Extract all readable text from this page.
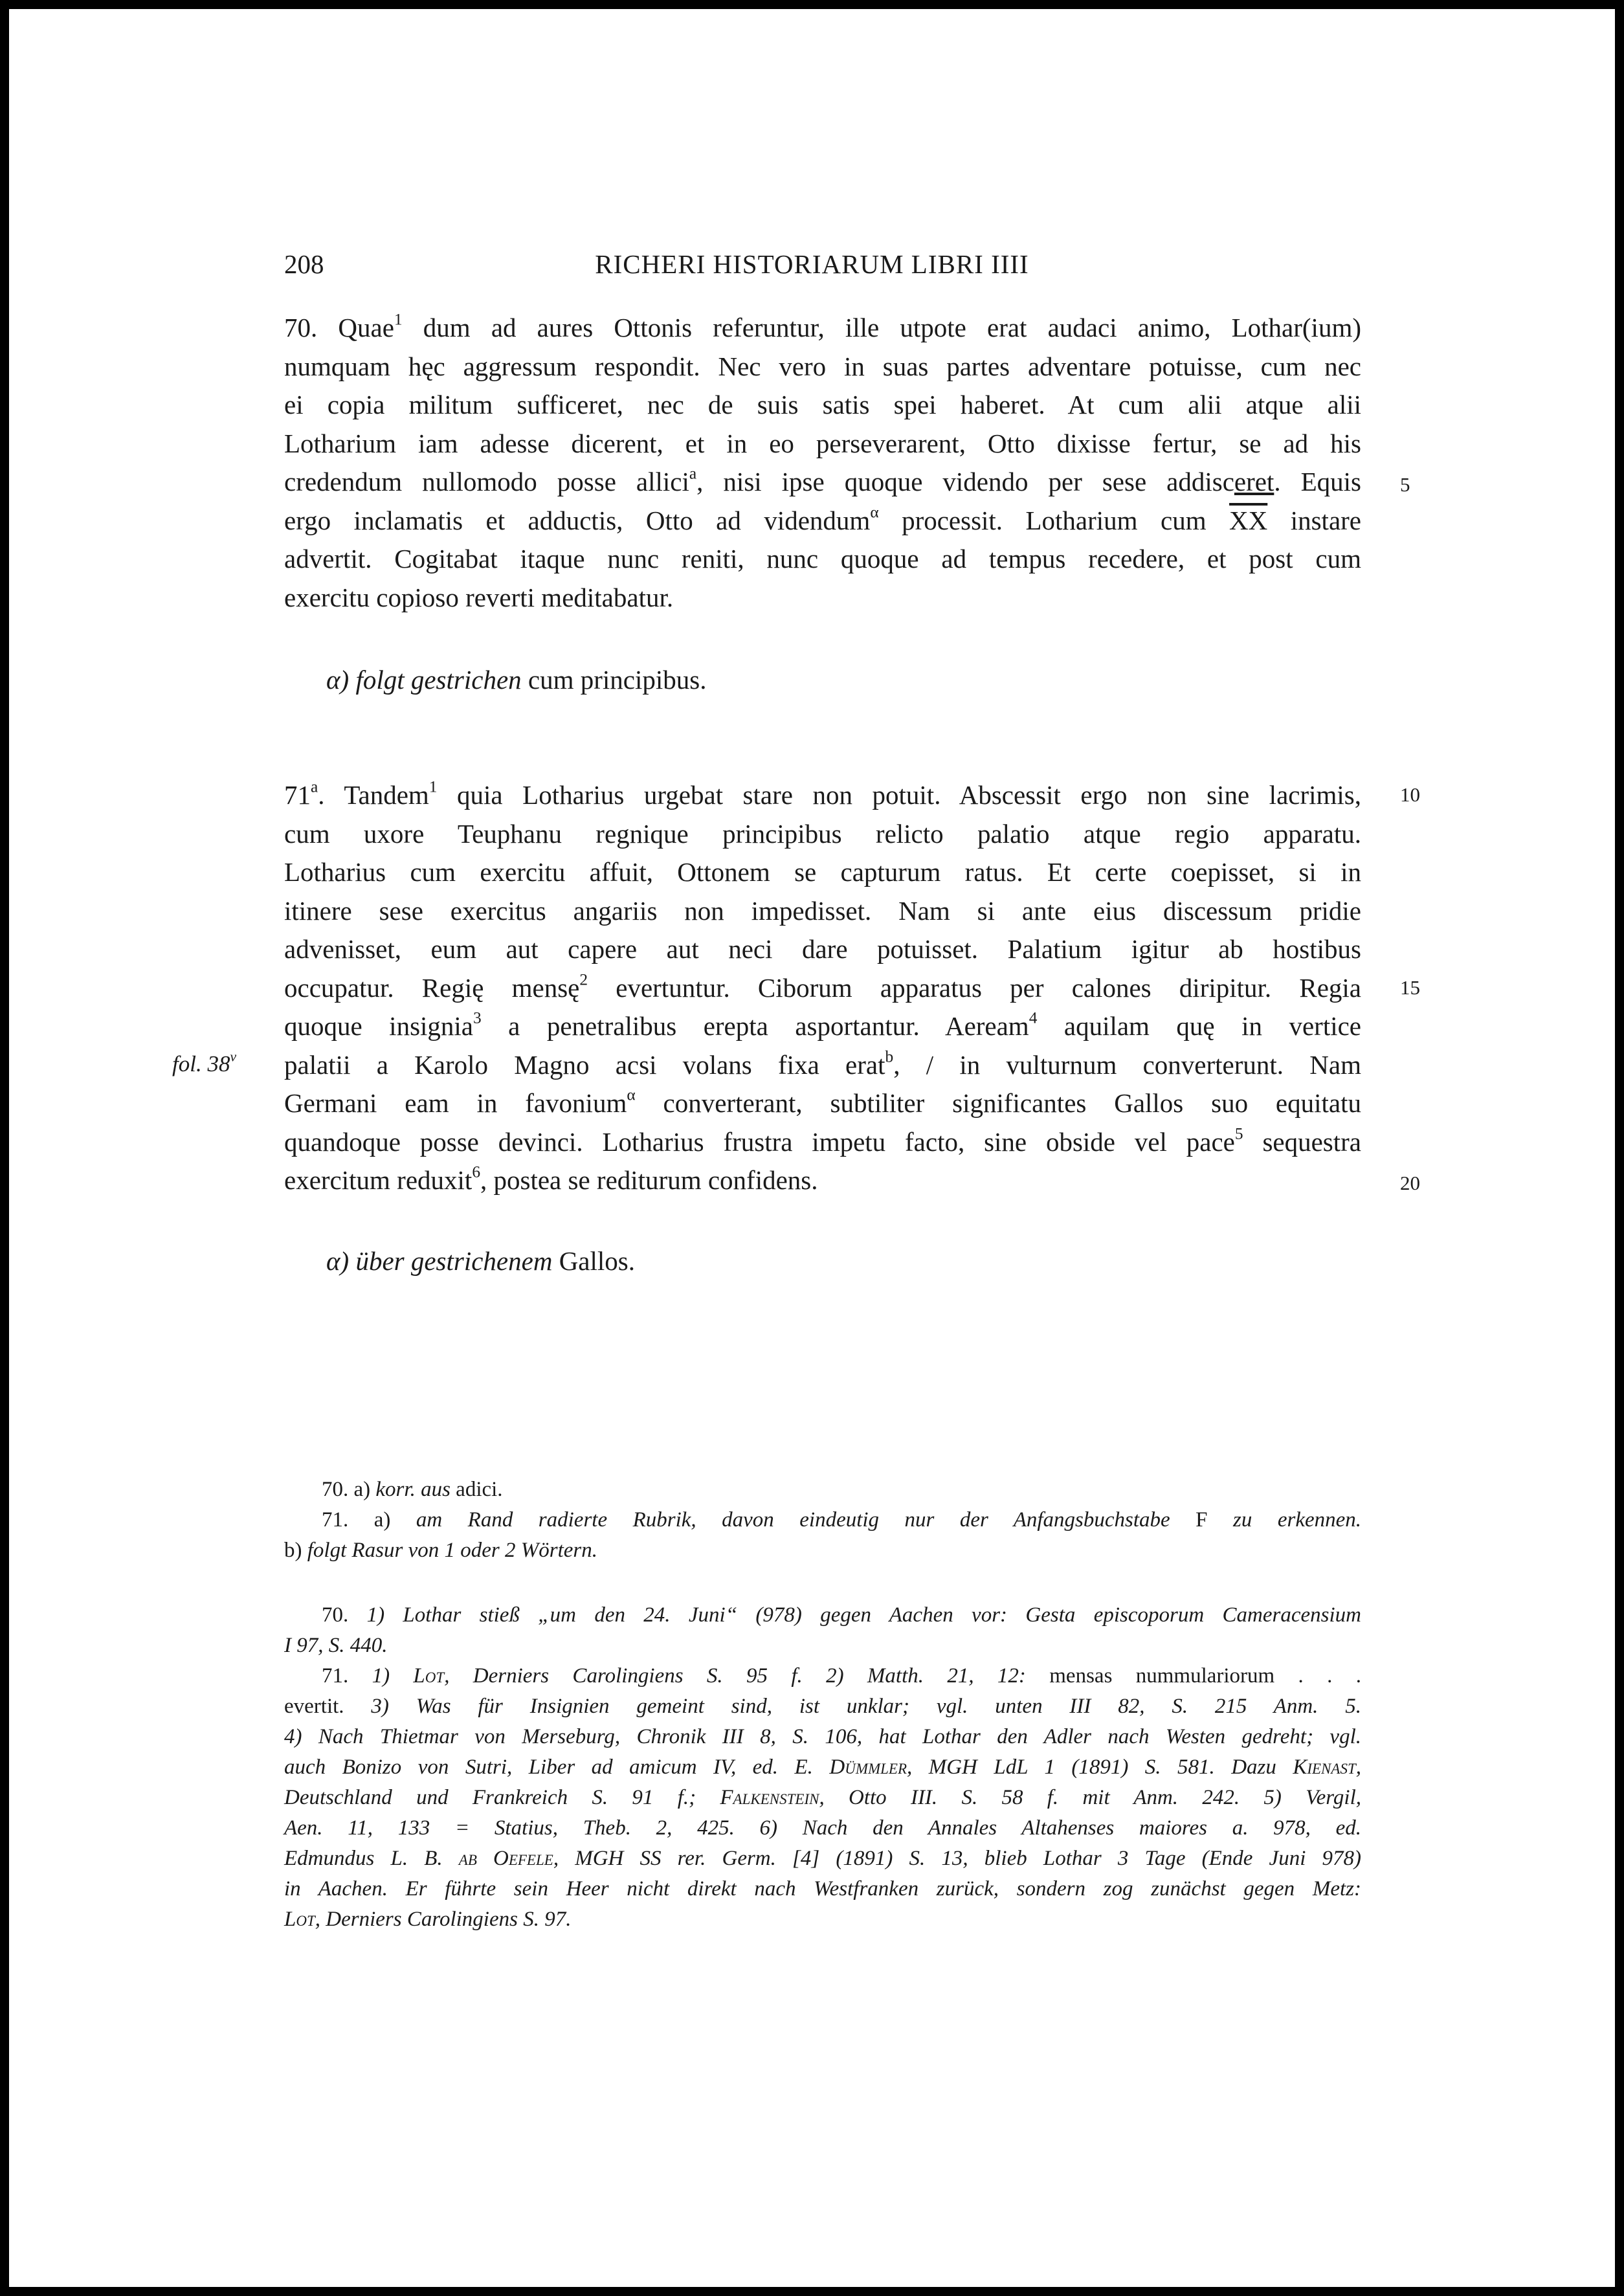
208	RICHERI HISTORIARUM LIBRI IIII
70. Quae$^1$ dum ad aures Ottonis referuntur, ille utpote erat audaci animo, Lothar(ium)
numquam hęc aggressum respondit. Nec vero in suas partes adventare potuisse, cum nec
ei copia militum sufficeret, nec de suis satis spei haberet. At cum alii atque alii
Lotharium iam adesse dicerent, et in eo perseverarent, Otto dixisse fertur, se ad his
credendum nullomodo posse allici$^a$, nisi ipse quoque videndo per sese addisceret. Equis
ergo inclamatis et adductis, Otto ad videndum$^\alpha$ processit. Lotharium cum $\overline{XX}$ instare
advertit. Cogitabat itaque nunc reniti, nunc quoque ad tempus recedere, et post cum
exercitu copioso reverti meditabatur.
5
α) folgt gestrichen cum principibus.
71$^a$. Tandem$^1$ quia Lotharius urgebat stare non potuit. Abscessit ergo non sine lacrimis,
cum uxore Teuphanu regnique principibus relicto palatio atque regio apparatu.
Lotharius cum exercitu affuit, Ottonem se capturum ratus. Et certe coepisset, si in
itinere sese exercitus angariis non impedisset. Nam si ante eius discessum pridie
advenisset, eum aut capere aut neci dare potuisset. Palatium igitur ab hostibus
occupatur. Regię mensę$^2$ evertuntur. Ciborum apparatus per calones diripitur. Regia
quoque insignia$^3$ a penetralibus erepta asportantur. Aeream$^4$ aquilam quę in vertice
palatii a Karolo Magno acsi volans fixa erat$^b$, / in vulturnum converterunt. Nam
Germani eam in favonium$^\alpha$ converterant, subtiliter significantes Gallos suo equitatu
quandoque posse devinci. Lotharius frustra impetu facto, sine obside vel pace$^5$ sequestra
exercitum reduxit$^6$, postea se rediturum confidens.
10
15
20
fol. 38$^v$
α) über gestrichenem Gallos.
70. a) korr. aus adici.
71. a) am Rand radierte Rubrik, davon eindeutig nur der Anfangsbuchstabe F zu erkennen.
b) folgt Rasur von 1 oder 2 Wörtern.
70. 1) Lothar stieß „um den 24. Juni“ (978) gegen Aachen vor: Gesta episcoporum Cameracensium
I 97, S. 440.
71. 1) Lot, Derniers Carolingiens S. 95 f. 2) Matth. 21, 12: mensas nummulariorum . . .
evertit. 3) Was für Insignien gemeint sind, ist unklar; vgl. unten III 82, S. 215 Anm. 5.
4) Nach Thietmar von Merseburg, Chronik III 8, S. 106, hat Lothar den Adler nach Westen gedreht; vgl.
auch Bonizo von Sutri, Liber ad amicum IV, ed. E. Dümmler, MGH LdL 1 (1891) S. 581. Dazu Kienast,
Deutschland und Frankreich S. 91 f.; Falkenstein, Otto III. S. 58 f. mit Anm. 242. 5) Vergil,
Aen. 11, 133 = Statius, Theb. 2, 425. 6) Nach den Annales Altahenses maiores a. 978, ed.
Edmundus L. B. ab Oefele, MGH SS rer. Germ. [4] (1891) S. 13, blieb Lothar 3 Tage (Ende Juni 978)
in Aachen. Er führte sein Heer nicht direkt nach Westfranken zurück, sondern zog zunächst gegen Metz:
Lot, Derniers Carolingiens S. 97.
